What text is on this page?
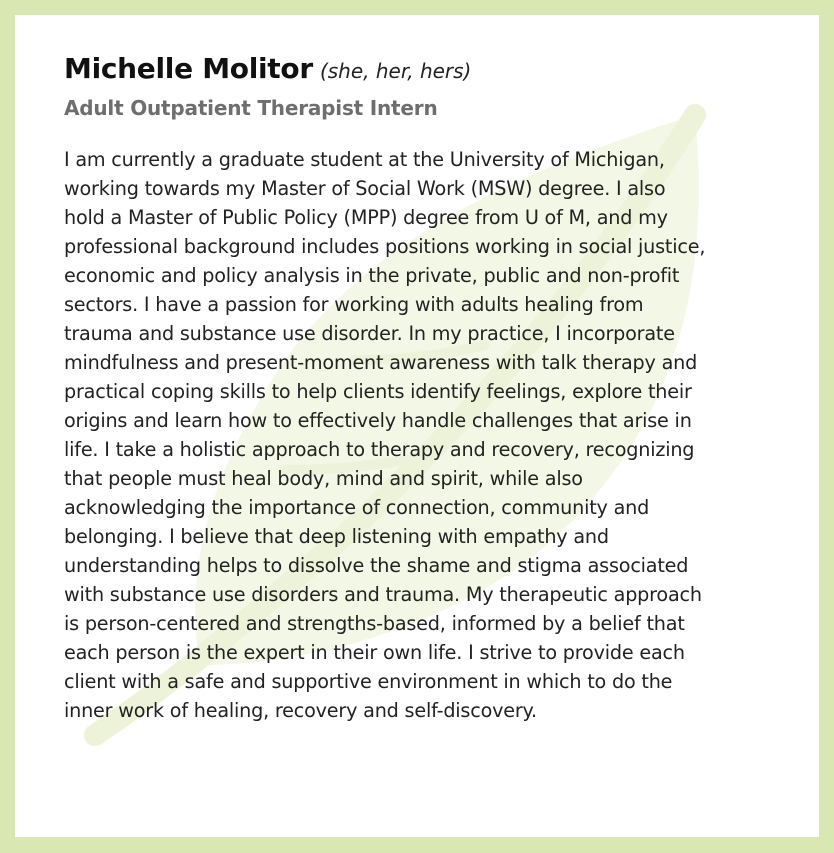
Michelle Molitor (she, her, hers)

Adult Outpatient Therapist Intern

I am currently a graduate student at the University of Michigan,
working towards my Master of Social Work (MSW) degree. I also
hold a Master of Public Policy (MPP) degree from U of M, and my
professional background includes positions working in social justice,
economic and policy analysis in the private, public and non-profit
sectors. I have a passion for working with adults healing from
trauma and substance use disorder. In my practice, I incorporate
mindfulness and present-moment awareness with talk therapy and
practical coping skills to help clients identify feelings, explore their
origins and learn how to effectively handle challenges that arise in
life. I take a holistic approach to therapy and recovery, recognizing
that people must heal body, mind and spirit, while also
acknowledging the importance of connection, community and
belonging. I believe that deep listening with empathy and
understanding helps to dissolve the shame and stigma associated
with substance use disorders and trauma. My therapeutic approach
is person-centered and strengths-based, informed by a belief that
each person is the expert in their own life. I strive to provide each
client with a safe and supportive environment in which to do the
inner work of healing, recovery and self-discovery.
